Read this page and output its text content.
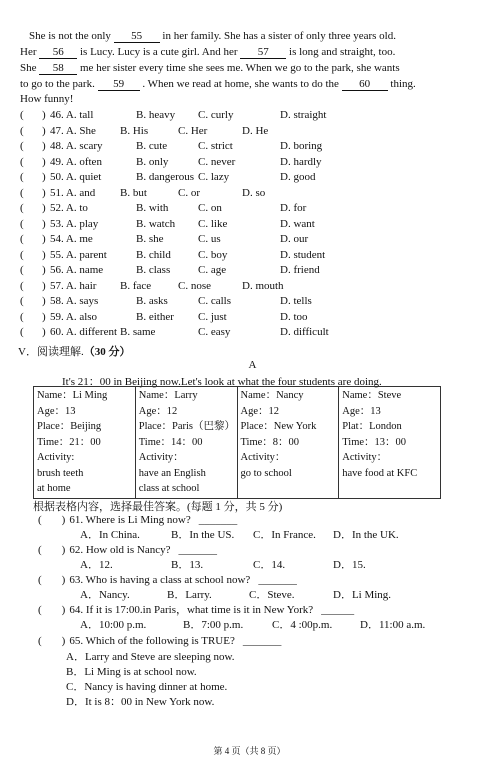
She is not the only 55 in her family. She has a sister of only three years old.
Her 56 is Lucy. Lucy is a cute girl. And her 57 is long and straight, too.
She 58 me her sister every time she sees me. When we go to the park, she wants
to go to the park. 59 . When we read at home, she wants to do the 60 thing.
How funny!
( ) 46. A. tall	B. heavy C. curly	D. straight
( ) 47. A. She B. His	C. Her	D. He
( ) 48. A. scary	B. cute	C. strict	D. boring
( ) 49. A. often	B. only	C. never	D. hardly
( ) 50. A. quiet	B. dangerous C. lazy	D. good
( ) 51. A. and B. but	C. or	D. so
( ) 52. A. to	B. with	C. on	D. for
( ) 53. A. play	B. watch C. like	D. want
( ) 54. A. me	B. she	C. us	D. our
( ) 55. A. parent	B. child C. boy	D. student
( ) 56. A. name	B. class	C. age	D. friend
( ) 57. A. hair B. face C. nose	D. mouth
( ) 58. A. says	B. asks	C. calls	D. tells
( ) 59. A. also	B. either C. just	D. too
( ) 60. A. different B. same	C. easy	D. difficult
V．阅读理解.（30 分）
A
It's 21：00 in Beijing now.Let's look at what the four students are doing.
Name：Li Ming
Age：13
Place：Beijing
Time：21：00
Activity:
brush teeth
at home

Name：Larry
Age：12
Place：Paris（巴黎）
Time：14：00
Activity：
have an English
class at school

Name：Nancy
Age：12
Place：New York
Time：8：00
Activity：
go to school

Name：Steve
Age：13
Plat：London
Time：13：00
Activity：
have food at KFC
根据表格内容，选择最佳答案。(每题 1 分，共 5 分)
( ) 61. Where is Li Ming now? _______
A．In China.	B．In the US. C．In France. D．In the UK.
( ) 62. How old is Nancy? _______
A．12.	B．13.	C．14.	D．15.
( ) 63. Who is having a class at school now? _______
A．Nancy.	B．Larry.	C．Steve.	D．Li Ming.
( ) 64. If it is 17:00.in Paris，what time is it in New York? ______
A．10:00 p.m.	B．7:00 p.m.	C．4 :00p.m.	D．11:00 a.m.
( ) 65. Which of the following is TRUE? _______
A．Larry and Steve are sleeping now.
B．Li Ming is at school now.
C．Nancy is having dinner at home.
D．It is 8：00 in New York now.
第 4 页（共 8 页）
